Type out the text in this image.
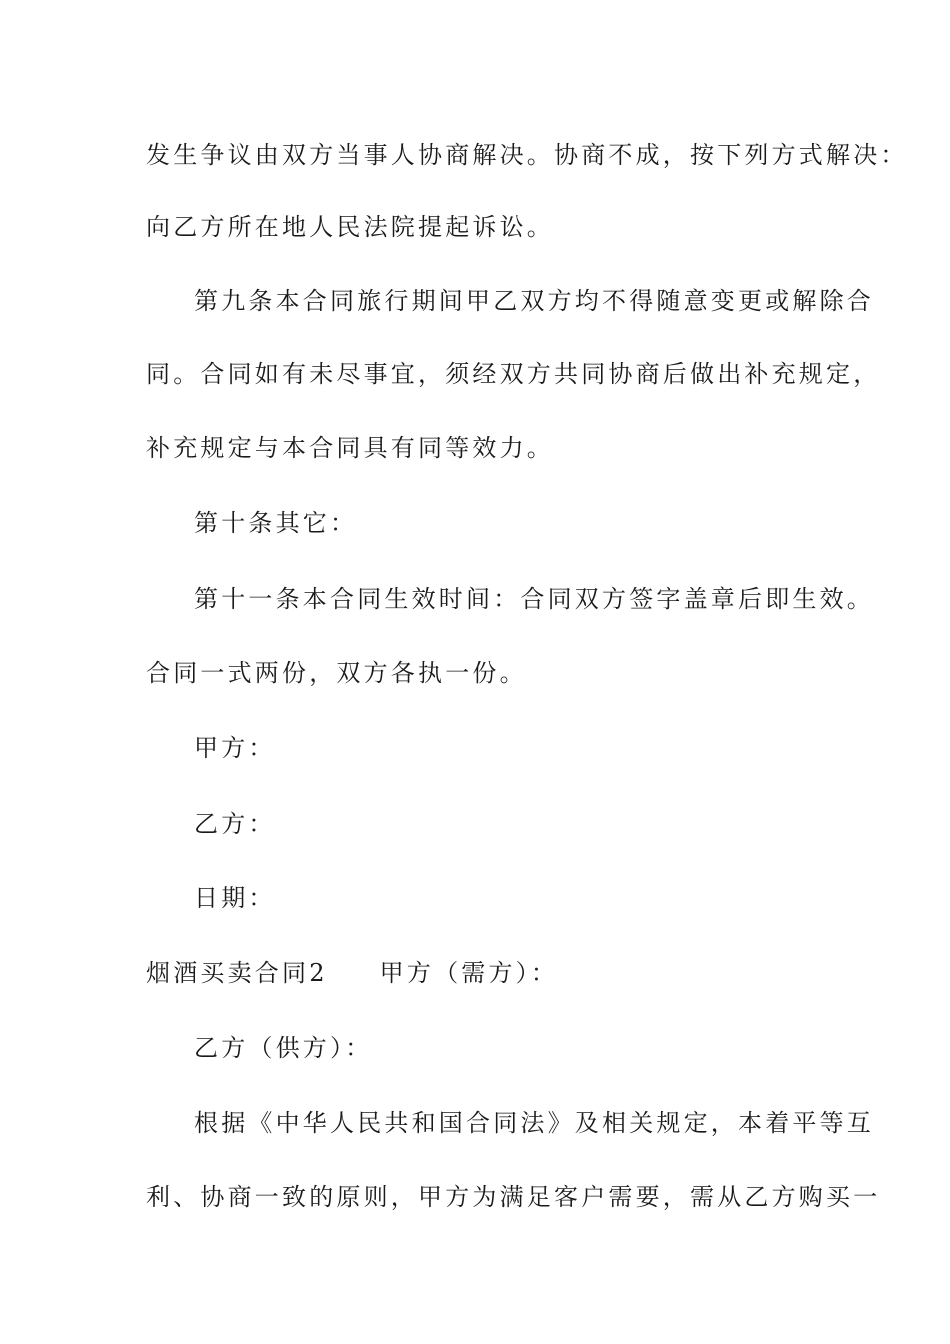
发生争议由双方当事人协商解决。协商不成，按下列方式解决：
向乙方所在地人民法院提起诉讼。
第九条本合同旅行期间甲乙双方均不得随意变更或解除合
同。合同如有未尽事宜，须经双方共同协商后做出补充规定，
补充规定与本合同具有同等效力。
第十条其它：
第十一条本合同生效时间：合同双方签字盖章后即生效。
合同一式两份，双方各执一份。
甲方：
乙方：
日期：
烟酒买卖合同2 甲方（需方）：
乙方（供方）：
根据《中华人民共和国合同法》及相关规定，本着平等互
利、协商一致的原则，甲方为满足客户需要，需从乙方购买一
